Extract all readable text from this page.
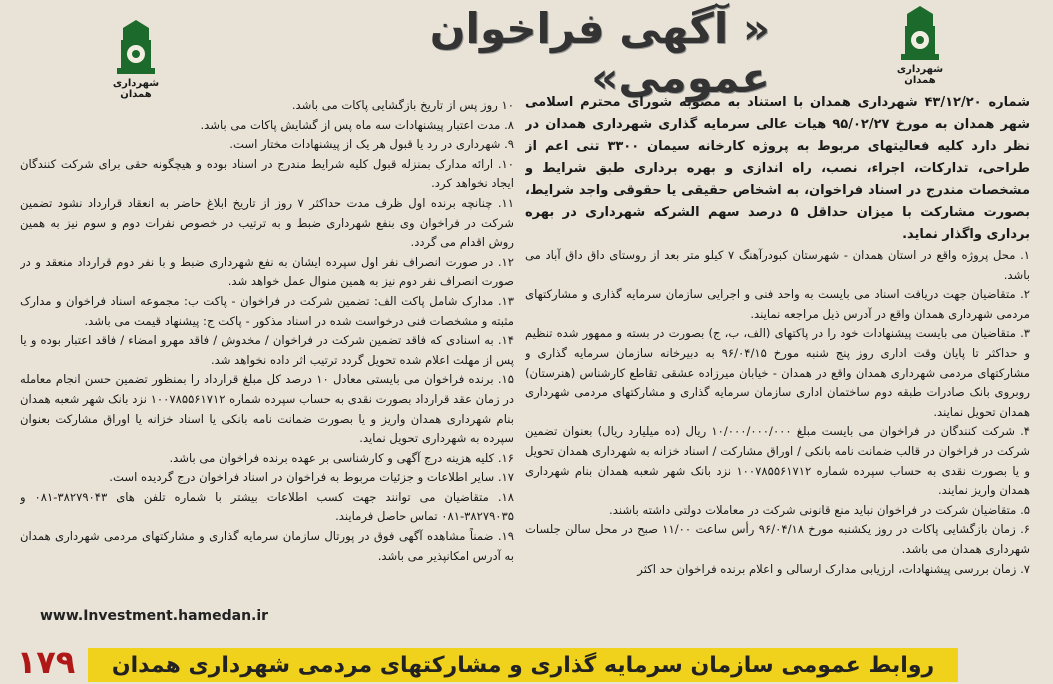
شهرداری همدان
« آگهی فراخوان عمومی»
شهرداری همدان

شماره ۴۳/۱۲/۲۰ شهرداری همدان با استناد به مصوبه شورای محترم اسلامی شهر همدان به مورخ ۹۵/۰۲/۲۷ هیات عالی سرمایه گذاری شهرداری همدان در نظر دارد کلیه فعالیتهای مربوط به پروژه کارخانه سیمان ۳۳۰۰ تنی اعم از طراحی، تدارکات، اجراء، نصب، راه اندازی و بهره برداری طبق شرایط و مشخصات مندرج در اسناد فراخوان، به اشخاص حقیقی یا حقوقی واجد شرایط، بصورت مشارکت با میزان حداقل ۵ درصد سهم الشرکه شهرداری در بهره برداری واگذار نماید.

۱. محل پروژه واقع در استان همدان - شهرستان کبودرآهنگ ۷ کیلو متر بعد از روستای داق داق آباد می باشد.

۲. متقاضیان جهت دریافت اسناد می بایست به واحد فنی و اجرایی سازمان سرمایه گذاری و مشارکتهای مردمی شهرداری همدان واقع در آدرس ذیل مراجعه نمایند.

۳. متقاضیان می بایست پیشنهادات خود را در پاکتهای (الف، ب، ج) بصورت در بسته و ممهور شده تنظیم و حداکثر تا پایان وقت اداری روز پنج شنبه مورخ ۹۶/۰۴/۱۵ به دبیرخانه سازمان سرمایه گذاری و مشارکتهای مردمی شهرداری همدان واقع در همدان - خیابان میرزاده عشقی تقاطع کارشناس (هنرستان) روبروی بانک صادرات طبقه دوم ساختمان اداری سازمان سرمایه گذاری و مشارکتهای مردمی شهرداری همدان تحویل نمایند.

۴. شرکت کنندگان در فراخوان می بایست مبلغ ۱۰/۰۰۰/۰۰۰/۰۰۰ ریال (ده میلیارد ریال) بعنوان تضمین شرکت در فراخوان در قالب ضمانت نامه بانکی / اوراق مشارکت / اسناد خزانه به شهرداری همدان تحویل و یا بصورت نقدی به حساب سپرده شماره ۱۰۰۷۸۵۵۶۱۷۱۲ نزد بانک شهر شعبه همدان بنام شهرداری همدان واریز نمایند.

۵. متقاضیان شرکت در فراخوان نباید منع قانونی شرکت در معاملات دولتی داشته باشند.

۶. زمان بازگشایی پاکات در روز یکشنبه مورخ ۹۶/۰۴/۱۸ رأس ساعت ۱۱/۰۰ صبح در محل سالن جلسات شهرداری همدان می باشد.

۷. زمان بررسی پیشنهادات، ارزیابی مدارک ارسالی و اعلام برنده فراخوان حد اکثر

۱۰ روز پس از تاریخ بازگشایی پاکات می باشد.

۸. مدت اعتبار پیشنهادات سه ماه پس از گشایش پاکات می باشد.

۹. شهرداری در رد یا قبول هر یک از پیشنهادات مختار است.

۱۰. ارائه مدارک بمنزله قبول کلیه شرایط مندرج در اسناد بوده و هیچگونه حقی برای شرکت کنندگان ایجاد نخواهد کرد.

۱۱. چنانچه برنده اول ظرف مدت حداکثر ۷ روز از تاریخ ابلاغ حاضر به انعقاد قرارداد نشود تضمین شرکت در فراخوان وی بنفع شهرداری ضبط و به ترتیب در خصوص نفرات دوم و سوم نیز به همین روش اقدام می گردد.

۱۲. در صورت انصراف نفر اول سپرده ایشان به نفع شهرداری ضبط و با نفر دوم قرارداد منعقد و در صورت انصراف نفر دوم نیز به همین منوال عمل خواهد شد.

۱۳. مدارک شامل پاکت الف: تضمین شرکت در فراخوان - پاکت ب: مجموعه اسناد فراخوان و مدارک مثبته و مشخصات فنی درخواست شده در اسناد مذکور - پاکت ج: پیشنهاد قیمت می باشد.

۱۴. به اسنادی که فاقد تضمین شرکت در فراخوان / مخدوش / فاقد مهرو امضاء / فاقد اعتبار بوده و یا پس از مهلت اعلام شده تحویل گردد ترتیب اثر داده نخواهد شد.

۱۵. برنده فراخوان می بایستی معادل ۱۰ درصد کل مبلغ قرارداد را بمنظور تضمین حسن انجام معامله در زمان عقد قرارداد بصورت نقدی به حساب سپرده شماره ۱۰۰۷۸۵۵۶۱۷۱۲ نزد بانک شهر شعبه همدان بنام شهرداری همدان واریز و یا بصورت ضمانت نامه بانکی یا اسناد خزانه یا اوراق مشارکت بعنوان سپرده به شهرداری تحویل نماید.

۱۶. کلیه هزینه درج آگهی و کارشناسی بر عهده برنده فراخوان می باشد.

۱۷. سایر اطلاعات و جزئیات مربوط به فراخوان در اسناد فراخوان درج گردیده است.

۱۸. متقاضیان می توانند جهت کسب اطلاعات بیشتر با شماره تلفن های ۳۸۲۷۹۰۴۳-۰۸۱ و ۳۸۲۷۹۰۳۵-۰۸۱ تماس حاصل فرمایند.

۱۹. ضمناً مشاهده آگهی فوق در پورتال سازمان سرمایه گذاری و مشارکتهای مردمی شهرداری همدان به آدرس امکانپذیر می باشد.

www.Investment.hamedan.ir
روابط عمومی سازمان سرمایه گذاری و مشارکتهای مردمی شهرداری همدان
۱۷۹
